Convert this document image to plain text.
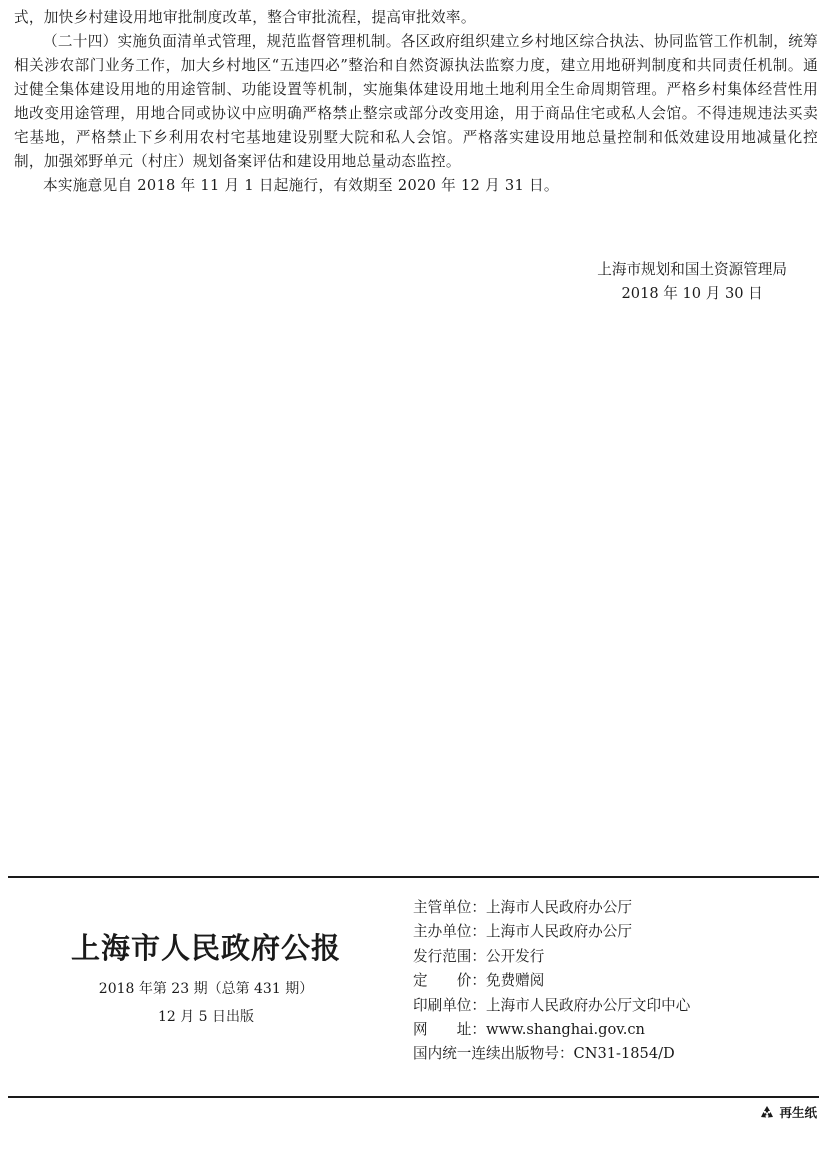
式，加快乡村建设用地审批制度改革，整合审批流程，提高审批效率。

（二十四）实施负面清单式管理，规范监督管理机制。各区政府组织建立乡村地区综合执法、协同监管工作机制，统筹相关涉农部门业务工作，加大乡村地区“五违四必”整治和自然资源执法监察力度，建立用地研判制度和共同责任机制。通过健全集体建设用地的用途管制、功能设置等机制，实施集体建设用地土地利用全生命周期管理。严格乡村集体经营性用地改变用途管理，用地合同或协议中应明确严格禁止整宗或部分改变用途，用于商品住宅或私人会馆。不得违规违法买卖宅基地，严格禁止下乡利用农村宅基地建设别墅大院和私人会馆。严格落实建设用地总量控制和低效建设用地减量化控制，加强郊野单元（村庄）规划备案评估和建设用地总量动态监控。

本实施意见自 2018 年 11 月 1 日起施行，有效期至 2020 年 12 月 31 日。

上海市规划和国土资源管理局
2018 年 10 月 30 日
上海市人民政府公报
2018 年第 23 期（总第 431 期）
12 月 5 日出版
主管单位：上海市人民政府办公厅
主办单位：上海市人民政府办公厅
发行范围：公开发行
定　　价：免费赠阅
印刷单位：上海市人民政府办公厅文印中心
网　　址：www.shanghai.gov.cn
国内统一连续出版物号：CN31-1854/D
再生纸
